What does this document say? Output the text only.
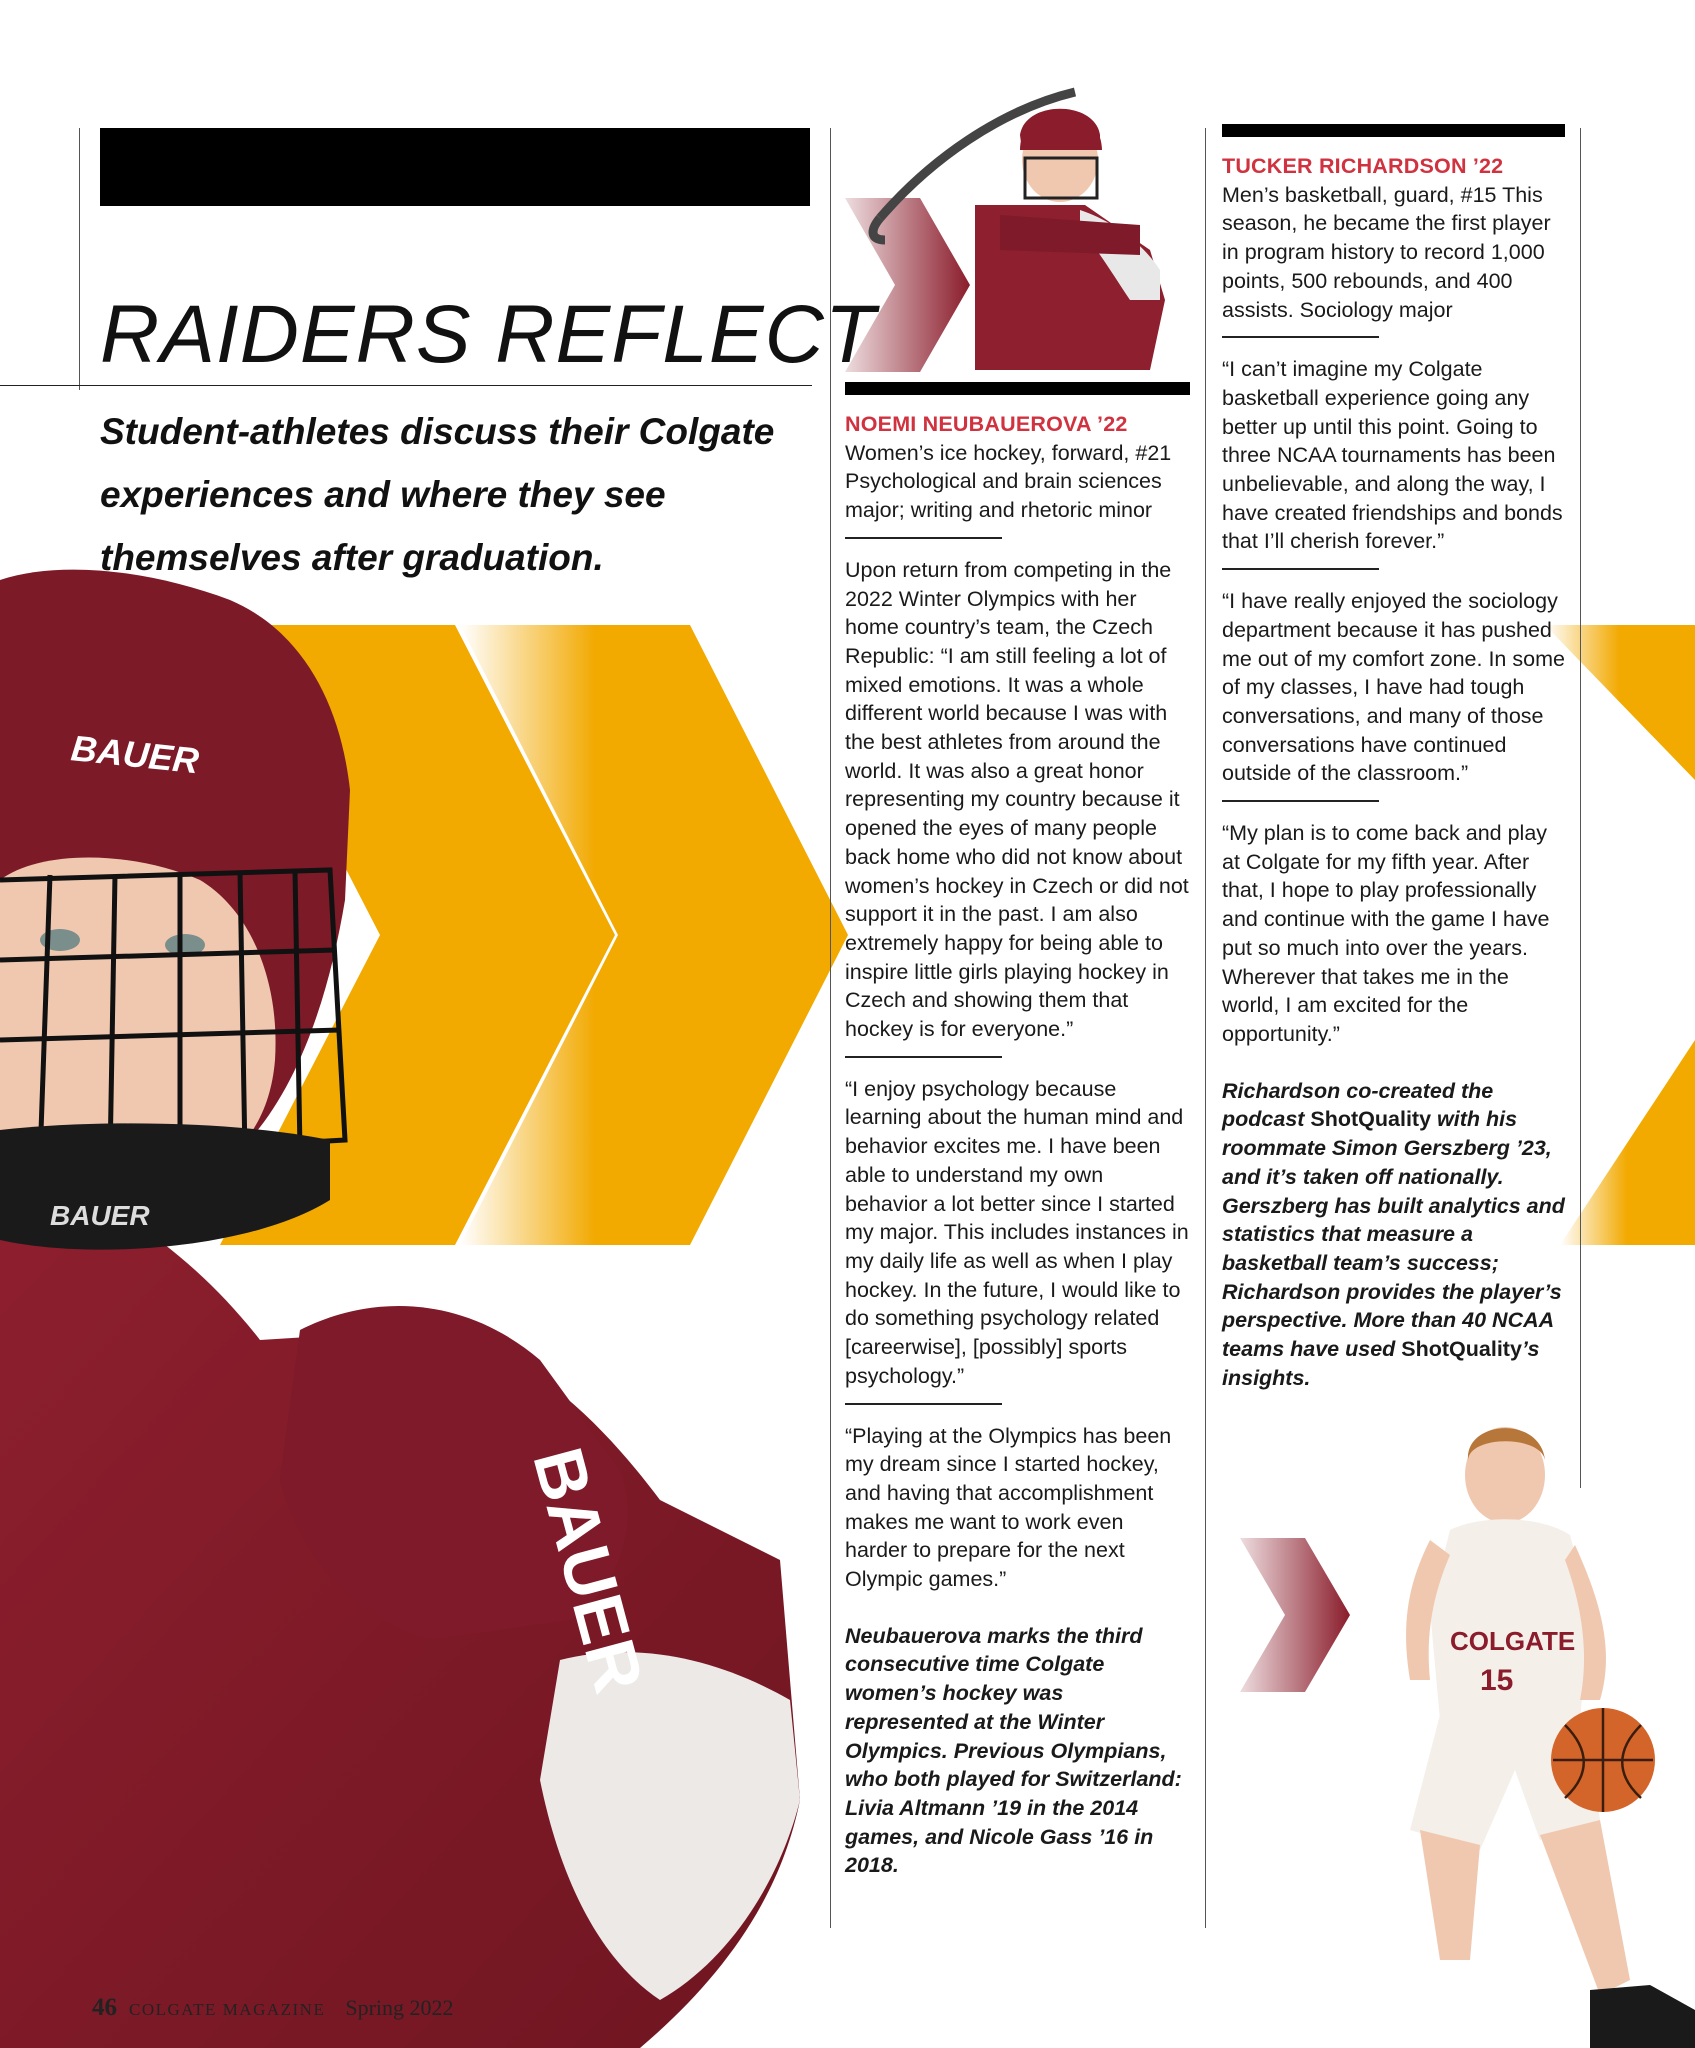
BAUER
BAUER
BAUER
COLGATE
15
RAIDERS REFLECT
Student-athletes discuss their Colgate experiences and where they see themselves after graduation.

NOEMI NEUBAUEROVA ’22

Women’s ice hockey, forward, #21 Psychological and brain sciences major; writing and rhetoric minor

Upon return from competing in the 2022 Winter Olympics with her home country’s team, the Czech Republic: “I am still feeling a lot of mixed emotions. It was a whole different world because I was with the best athletes from around the world. It was also a great honor representing my country because it opened the eyes of many people back home who did not know about women’s hockey in Czech or did not support it in the past. I am also extremely happy for being able to inspire little girls playing hockey in Czech and showing them that hockey is for everyone.”

“I enjoy psychology because learning about the human mind and behavior excites me. I have been able to understand my own behavior a lot better since I started my major. This includes instances in my daily life as well as when I play hockey. In the future, I would like to do something psychology related [careerwise], [possibly] sports psychology.”

“Playing at the Olympics has been my dream since I started hockey, and having that accomplishment makes me want to work even harder to prepare for the next Olympic games.”

Neubauerova marks the third consecutive time Colgate women’s hockey was represented at the Winter Olympics. Previous Olympians, who both played for Switzerland: Livia Altmann ’19 in the 2014 games, and Nicole Gass ’16 in 2018.

TUCKER RICHARDSON ’22

Men’s basketball, guard, #15 This season, he became the first player in program history to record 1,000 points, 500 rebounds, and 400 assists. Sociology major

“I can’t imagine my Colgate basketball experience going any better up until this point. Going to three NCAA tournaments has been unbelievable, and along the way, I have created friendships and bonds that I’ll cherish forever.”

“I have really enjoyed the sociology department because it has pushed me out of my comfort zone. In some of my classes, I have had tough conversations, and many of those conversations have continued outside of the classroom.”

“My plan is to come back and play at Colgate for my fifth year. After that, I hope to play professionally and continue with the game I have put so much into over the years. Wherever that takes me in the world, I am excited for the opportunity.”

Richardson co-created the podcast ShotQuality with his roommate Simon Gerszberg ’23, and it’s taken off nationally. Gerszberg has built analytics and statistics that measure a basketball team’s success; Richardson provides the player’s perspective. More than 40 NCAA teams have used ShotQuality’s insights.

46 COLGATE MAGAZINE Spring 2022
